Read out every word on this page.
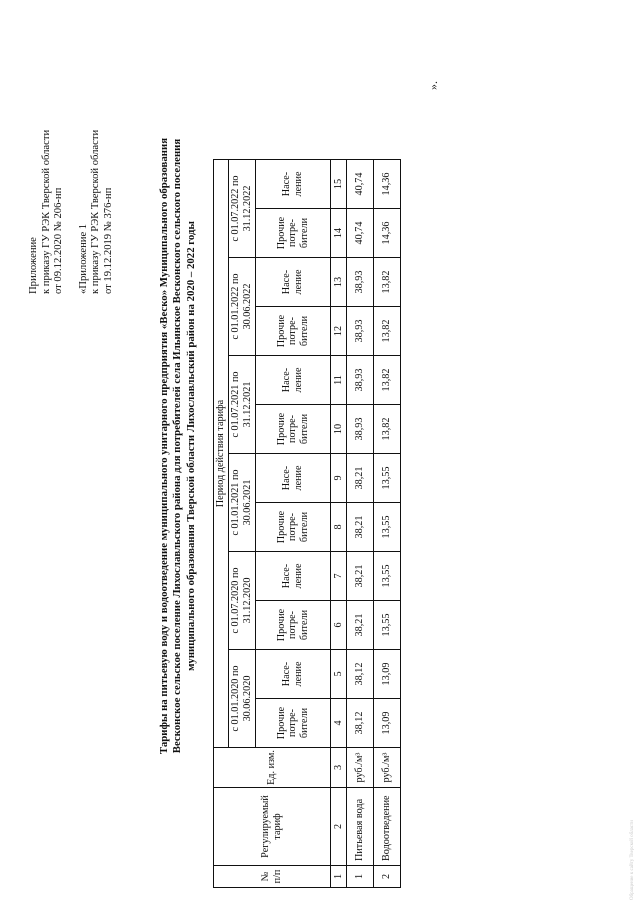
Приложение к приказу ГУ РЭК Тверской области от 09.12.2020 № 206-нп «Приложение 1 к приказу ГУ РЭК Тверской области от 19.12.2019 № 376-нп	Тарифы на питьевую воду и водоотведение муниципального унитарного предприятия «Веско» Муниципального образования Весконское сельское поселение Лихославльского района для потребителей села Ильинское Весконского сельского поселения муниципального образования Тверской области Лихославльский район на 2020 – 2022 годы
№ п/п	Регулируемый тариф	Ед. изм.	Период действия тарифа											
			с 01.01.2020 по 30.06.2020		с 01.07.2020 по 31.12.2020		с 01.01.2021 по 30.06.2021		с 01.07.2021 по 31.12.2021		с 01.01.2022 по 30.06.2022		с 01.07.2022 по 31.12.2022	
			Прочие потре- бители	Насе- ление	Прочие потре- бители	Насе- ление	Прочие потре- бители	Насе- ление	Прочие потре- бители	Насе- ление	Прочие потре- бители	Насе- ление	Прочие потре- бители	Насе- ление
1	2	3	4	5	6	7	8	9	10	11	12	13	14	15
1	Питьевая вода	руб./м³	38,12	38,12	38,21	38,21	38,21	38,21	38,93	38,93	38,93	38,93	40,74	40,74
2	Водоотведение	руб./м³	13,09	13,09	13,55	13,55	13,55	13,55	13,82	13,82	13,82	13,82	14,36	14,36
».
Обращение к сайту Тверской области
